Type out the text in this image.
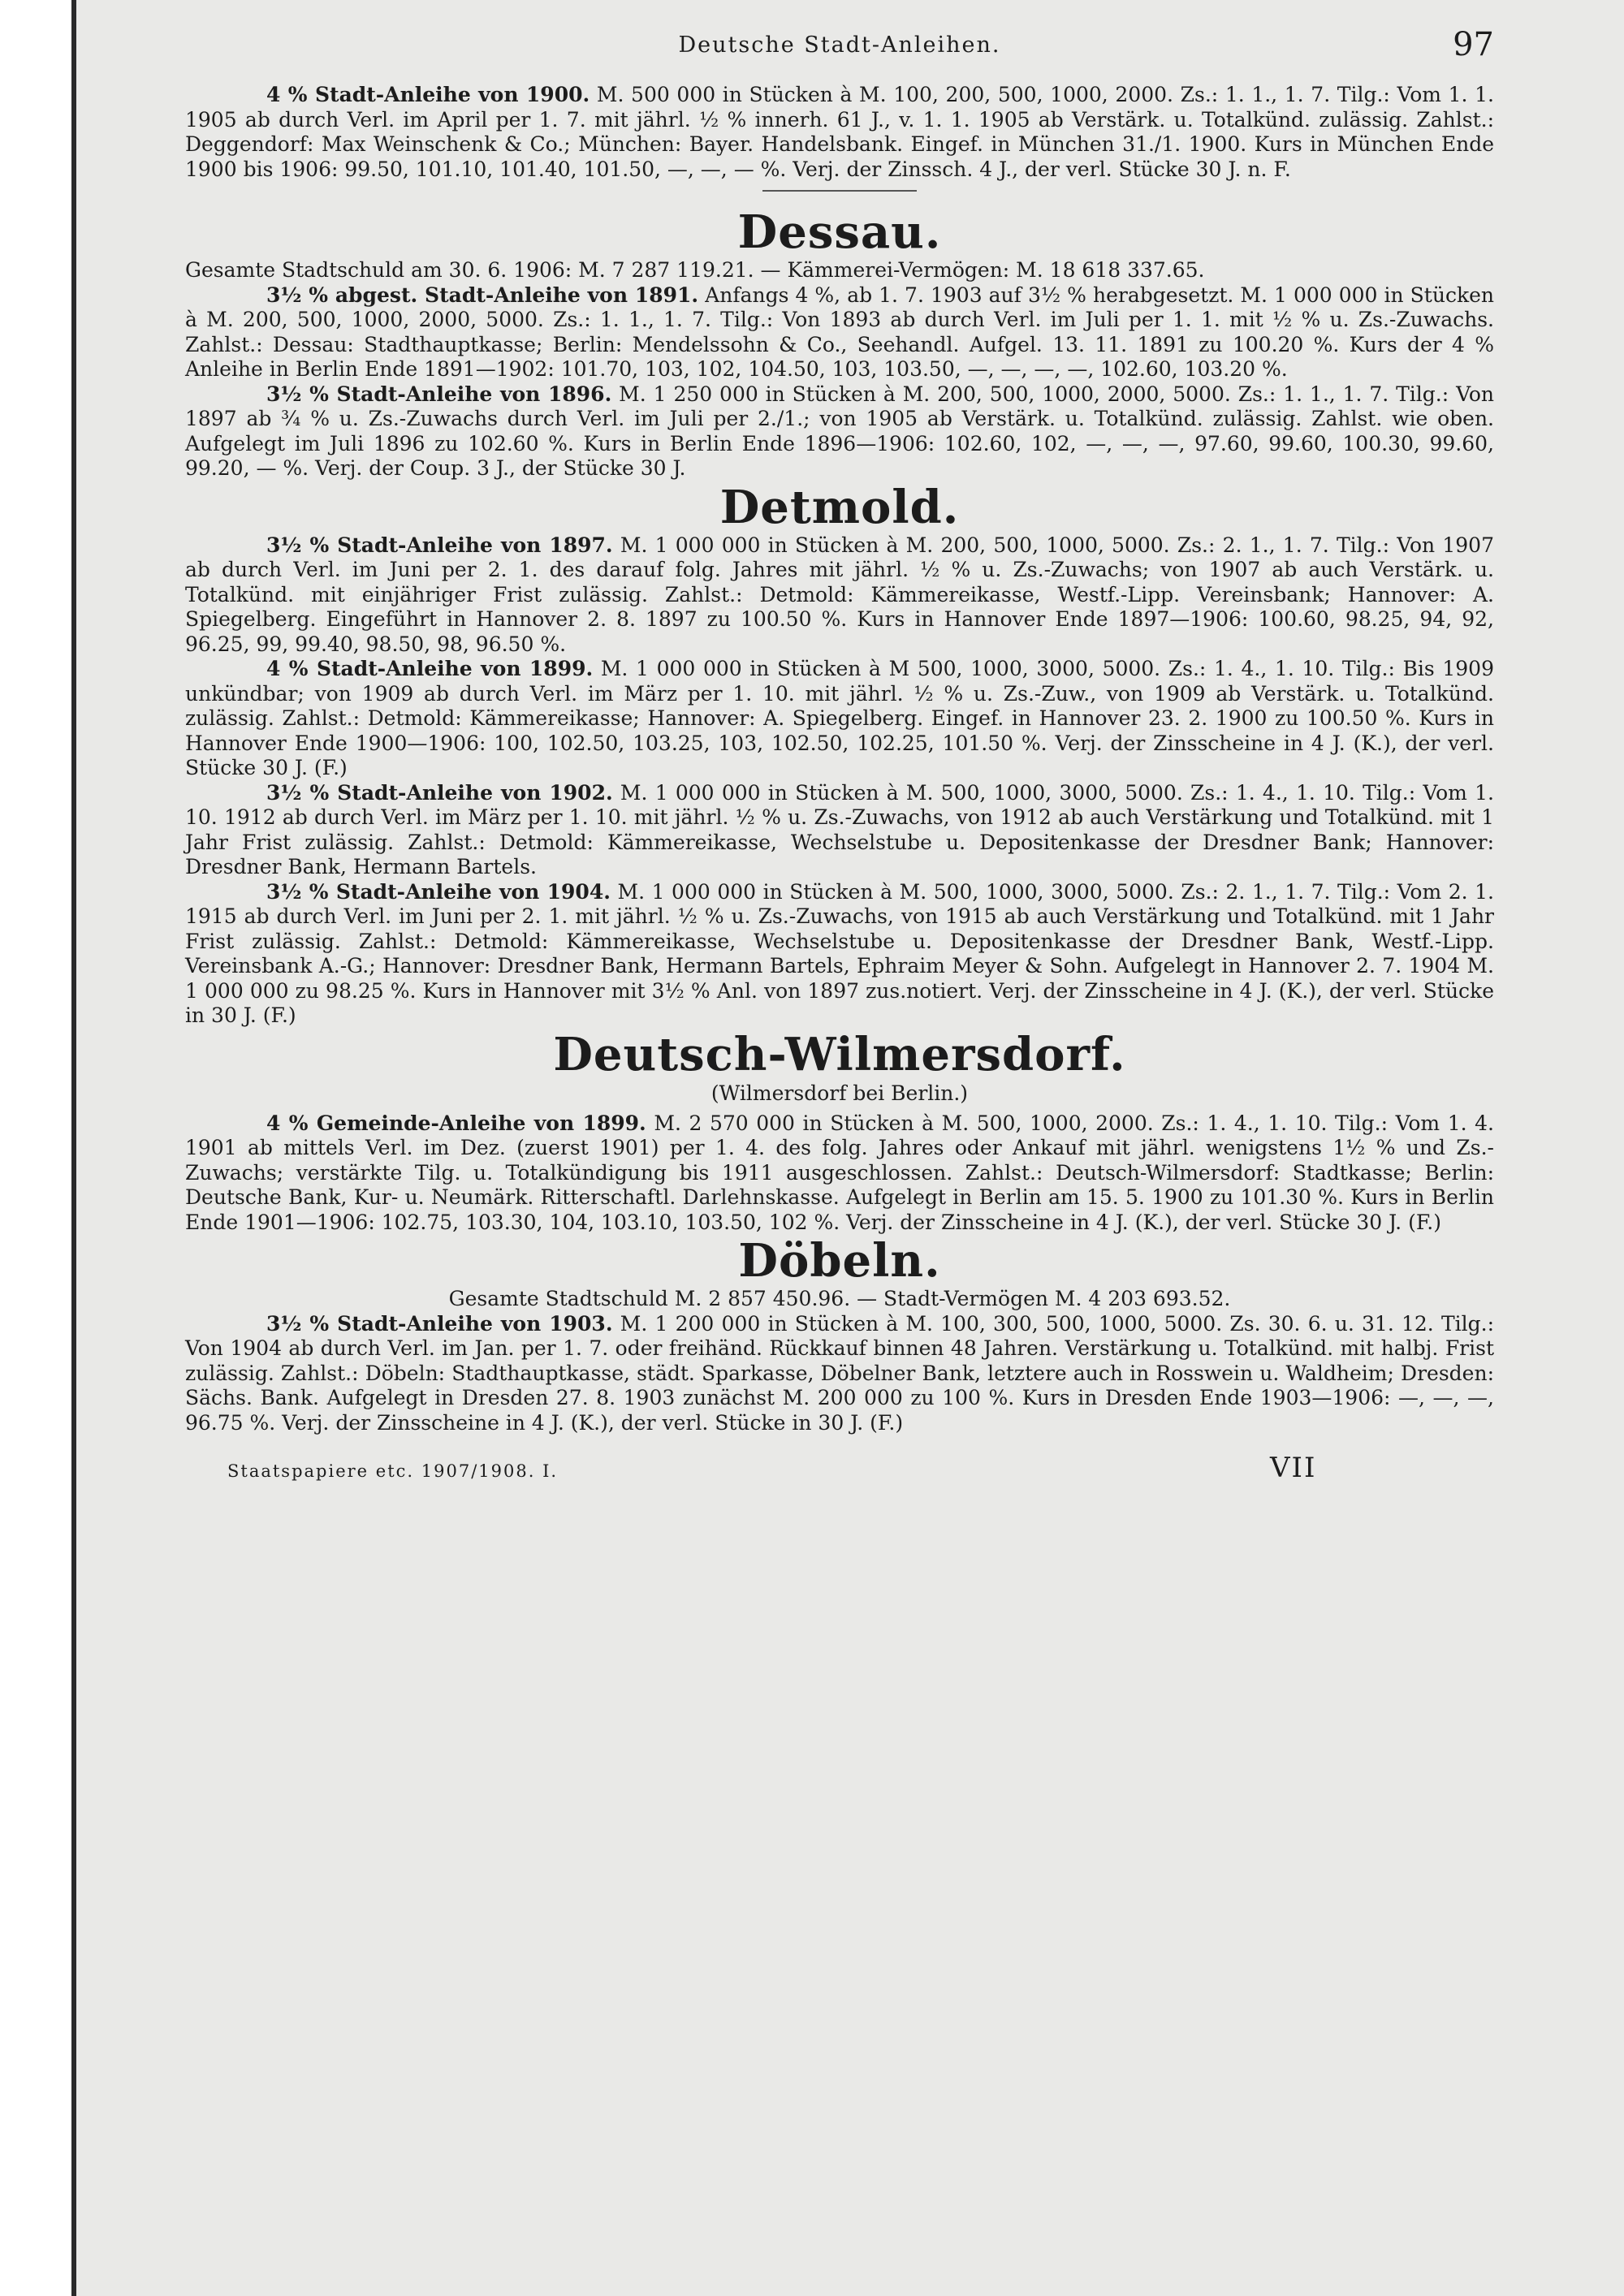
Deutsche Stadt-Anleihen.	97

4 % Stadt-Anleihe von 1900. M. 500 000 in Stücken à M. 100, 200, 500, 1000, 2000. Zs.: 1. 1., 1. 7. Tilg.: Vom 1. 1. 1905 ab durch Verl. im April per 1. 7. mit jährl. ½ % innerh. 61 J., v. 1. 1. 1905 ab Verstärk. u. Totalkünd. zulässig. Zahlst.: Deggendorf: Max Weinschenk & Co.; München: Bayer. Handelsbank. Eingef. in München 31./1. 1900. Kurs in München Ende 1900 bis 1906: 99.50, 101.10, 101.40, 101.50, —, —, — %. Verj. der Zinssch. 4 J., der verl. Stücke 30 J. n. F.

Dessau.

Gesamte Stadtschuld am 30. 6. 1906: M. 7 287 119.21. — Kämmerei-Vermögen: M. 18 618 337.65.

3½ % abgest. Stadt-Anleihe von 1891. Anfangs 4 %, ab 1. 7. 1903 auf 3½ % herabgesetzt. M. 1 000 000 in Stücken à M. 200, 500, 1000, 2000, 5000. Zs.: 1. 1., 1. 7. Tilg.: Von 1893 ab durch Verl. im Juli per 1. 1. mit ½ % u. Zs.-Zuwachs. Zahlst.: Dessau: Stadthauptkasse; Berlin: Mendelssohn & Co., Seehandl. Aufgel. 13. 11. 1891 zu 100.20 %. Kurs der 4 % Anleihe in Berlin Ende 1891—1902: 101.70, 103, 102, 104.50, 103, 103.50, —, —, —, —, 102.60, 103.20 %.

3½ % Stadt-Anleihe von 1896. M. 1 250 000 in Stücken à M. 200, 500, 1000, 2000, 5000. Zs.: 1. 1., 1. 7. Tilg.: Von 1897 ab ¾ % u. Zs.-Zuwachs durch Verl. im Juli per 2./1.; von 1905 ab Verstärk. u. Totalkünd. zulässig. Zahlst. wie oben. Aufgelegt im Juli 1896 zu 102.60 %. Kurs in Berlin Ende 1896—1906: 102.60, 102, —, —, —, 97.60, 99.60, 100.30, 99.60, 99.20, — %. Verj. der Coup. 3 J., der Stücke 30 J.

Detmold.

3½ % Stadt-Anleihe von 1897. M. 1 000 000 in Stücken à M. 200, 500, 1000, 5000. Zs.: 2. 1., 1. 7. Tilg.: Von 1907 ab durch Verl. im Juni per 2. 1. des darauf folg. Jahres mit jährl. ½ % u. Zs.-Zuwachs; von 1907 ab auch Verstärk. u. Totalkünd. mit einjähriger Frist zulässig. Zahlst.: Detmold: Kämmereikasse, Westf.-Lipp. Vereinsbank; Hannover: A. Spiegelberg. Eingeführt in Hannover 2. 8. 1897 zu 100.50 %. Kurs in Hannover Ende 1897—1906: 100.60, 98.25, 94, 92, 96.25, 99, 99.40, 98.50, 98, 96.50 %.

4 % Stadt-Anleihe von 1899. M. 1 000 000 in Stücken à M 500, 1000, 3000, 5000. Zs.: 1. 4., 1. 10. Tilg.: Bis 1909 unkündbar; von 1909 ab durch Verl. im März per 1. 10. mit jährl. ½ % u. Zs.-Zuw., von 1909 ab Verstärk. u. Totalkünd. zulässig. Zahlst.: Detmold: Kämmereikasse; Hannover: A. Spiegelberg. Eingef. in Hannover 23. 2. 1900 zu 100.50 %. Kurs in Hannover Ende 1900—1906: 100, 102.50, 103.25, 103, 102.50, 102.25, 101.50 %. Verj. der Zinsscheine in 4 J. (K.), der verl. Stücke 30 J. (F.)

3½ % Stadt-Anleihe von 1902. M. 1 000 000 in Stücken à M. 500, 1000, 3000, 5000. Zs.: 1. 4., 1. 10. Tilg.: Vom 1. 10. 1912 ab durch Verl. im März per 1. 10. mit jährl. ½ % u. Zs.-Zuwachs, von 1912 ab auch Verstärkung und Totalkünd. mit 1 Jahr Frist zulässig. Zahlst.: Detmold: Kämmereikasse, Wechselstube u. Depositenkasse der Dresdner Bank; Hannover: Dresdner Bank, Hermann Bartels.

3½ % Stadt-Anleihe von 1904. M. 1 000 000 in Stücken à M. 500, 1000, 3000, 5000. Zs.: 2. 1., 1. 7. Tilg.: Vom 2. 1. 1915 ab durch Verl. im Juni per 2. 1. mit jährl. ½ % u. Zs.-Zuwachs, von 1915 ab auch Verstärkung und Totalkünd. mit 1 Jahr Frist zulässig. Zahlst.: Detmold: Kämmereikasse, Wechselstube u. Depositenkasse der Dresdner Bank, Westf.-Lipp. Vereinsbank A.-G.; Hannover: Dresdner Bank, Hermann Bartels, Ephraim Meyer & Sohn. Aufgelegt in Hannover 2. 7. 1904 M. 1 000 000 zu 98.25 %. Kurs in Hannover mit 3½ % Anl. von 1897 zus.notiert. Verj. der Zinsscheine in 4 J. (K.), der verl. Stücke in 30 J. (F.)

Deutsch-Wilmersdorf.
(Wilmersdorf bei Berlin.)

4 % Gemeinde-Anleihe von 1899. M. 2 570 000 in Stücken à M. 500, 1000, 2000. Zs.: 1. 4., 1. 10. Tilg.: Vom 1. 4. 1901 ab mittels Verl. im Dez. (zuerst 1901) per 1. 4. des folg. Jahres oder Ankauf mit jährl. wenigstens 1½ % und Zs.-Zuwachs; verstärkte Tilg. u. Totalkündigung bis 1911 ausgeschlossen. Zahlst.: Deutsch-Wilmersdorf: Stadtkasse; Berlin: Deutsche Bank, Kur- u. Neumärk. Ritterschaftl. Darlehnskasse. Aufgelegt in Berlin am 15. 5. 1900 zu 101.30 %. Kurs in Berlin Ende 1901—1906: 102.75, 103.30, 104, 103.10, 103.50, 102 %. Verj. der Zinsscheine in 4 J. (K.), der verl. Stücke 30 J. (F.)

Döbeln.

Gesamte Stadtschuld M. 2 857 450.96. — Stadt-Vermögen M. 4 203 693.52.

3½ % Stadt-Anleihe von 1903. M. 1 200 000 in Stücken à M. 100, 300, 500, 1000, 5000. Zs. 30. 6. u. 31. 12. Tilg.: Von 1904 ab durch Verl. im Jan. per 1. 7. oder freihänd. Rückkauf binnen 48 Jahren. Verstärkung u. Totalkünd. mit halbj. Frist zulässig. Zahlst.: Döbeln: Stadthauptkasse, städt. Sparkasse, Döbelner Bank, letztere auch in Rosswein u. Waldheim; Dresden: Sächs. Bank. Aufgelegt in Dresden 27. 8. 1903 zunächst M. 200 000 zu 100 %. Kurs in Dresden Ende 1903—1906: —, —, —, 96.75 %. Verj. der Zinsscheine in 4 J. (K.), der verl. Stücke in 30 J. (F.)

Staatspapiere etc. 1907/1908. I.	VII
